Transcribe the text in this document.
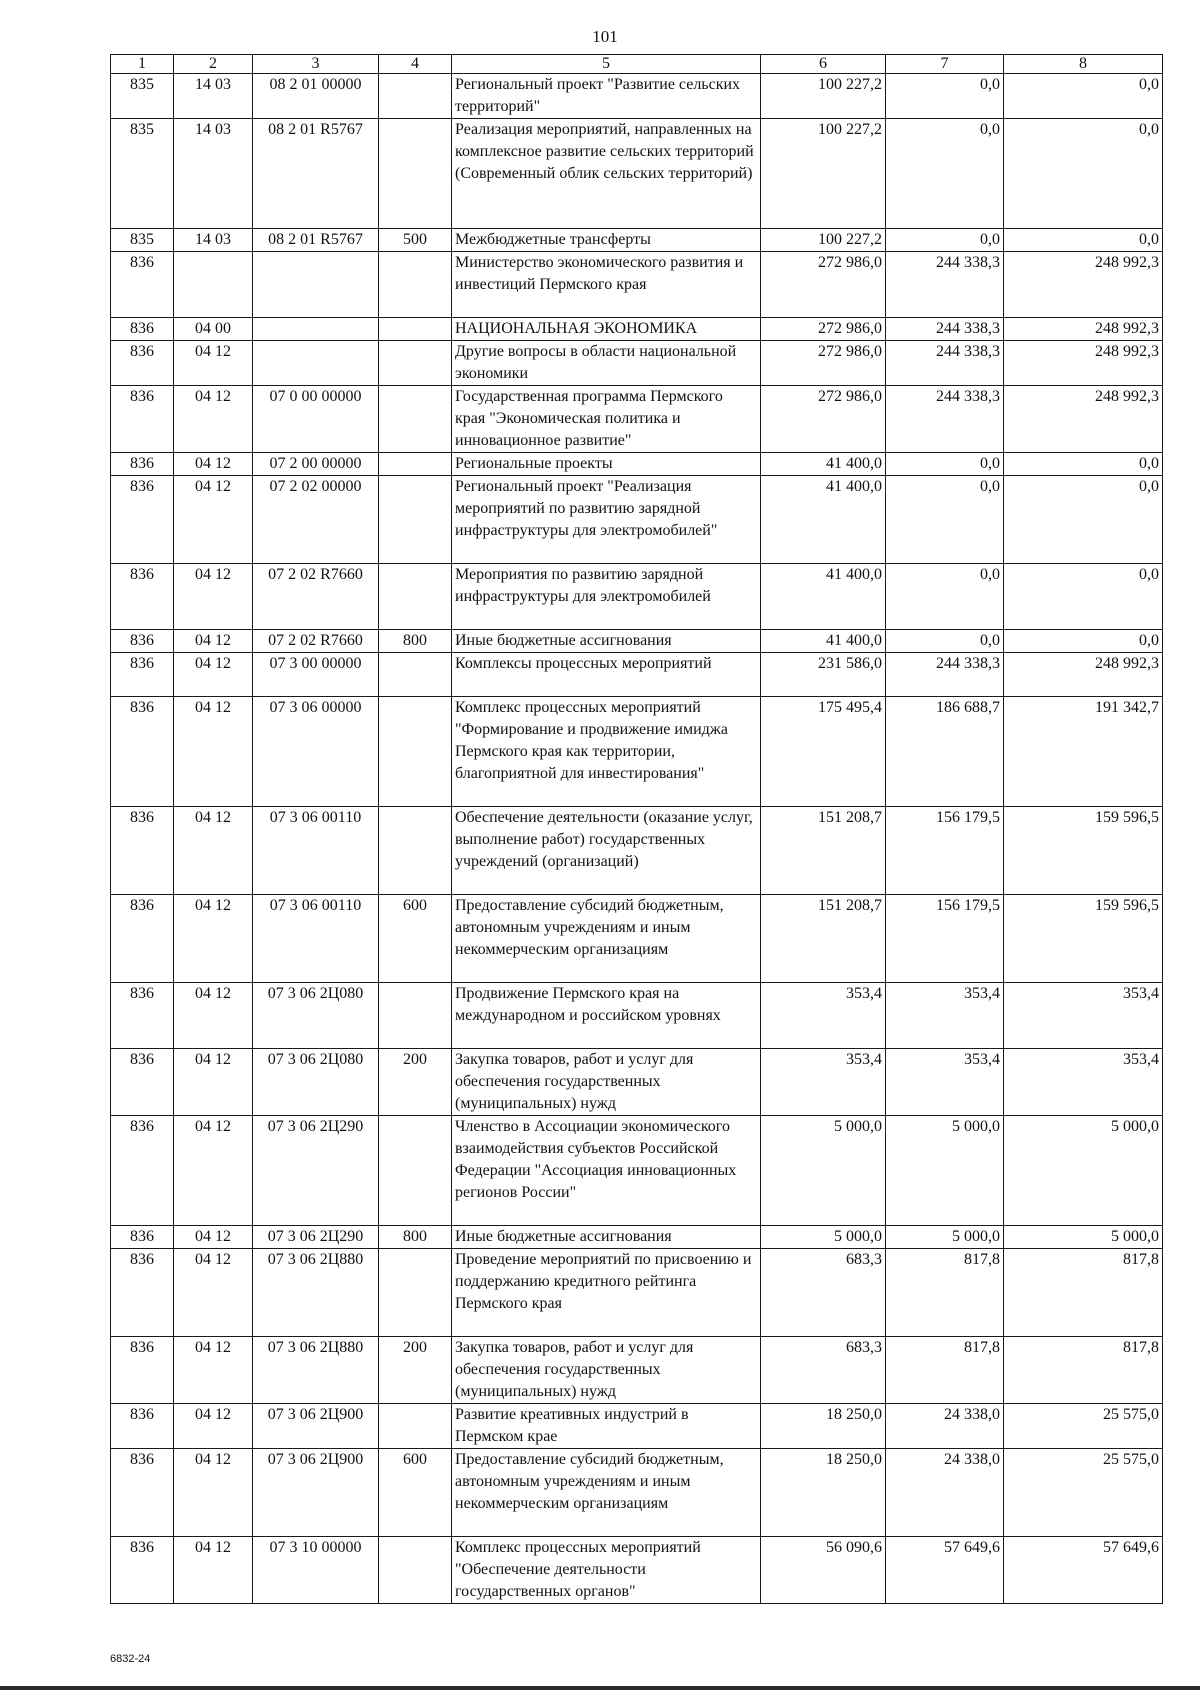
101
1	2	3	4	5	6	7	8
835	14 03	08 2 01 00000		Региональный проект "Развитие сельских территорий"	100 227,2	0,0	0,0
835	14 03	08 2 01 R5767		Реализация мероприятий, направленных на комплексное развитие сельских территорий (Современный облик сельских территорий)	100 227,2	0,0	0,0
835	14 03	08 2 01 R5767	500	Межбюджетные трансферты	100 227,2	0,0	0,0
836				Министерство экономического развития и инвестиций Пермского края	272 986,0	244 338,3	248 992,3
836	04 00			НАЦИОНАЛЬНАЯ ЭКОНОМИКА	272 986,0	244 338,3	248 992,3
836	04 12			Другие вопросы в области национальной экономики	272 986,0	244 338,3	248 992,3
836	04 12	07 0 00 00000		Государственная программа Пермского края "Экономическая политика и инновационное развитие"	272 986,0	244 338,3	248 992,3
836	04 12	07 2 00 00000		Региональные проекты	41 400,0	0,0	0,0
836	04 12	07 2 02 00000		Региональный проект "Реализация мероприятий по развитию зарядной инфраструктуры для электромобилей"	41 400,0	0,0	0,0
836	04 12	07 2 02 R7660		Мероприятия по развитию зарядной инфраструктуры для электромобилей	41 400,0	0,0	0,0
836	04 12	07 2 02 R7660	800	Иные бюджетные ассигнования	41 400,0	0,0	0,0
836	04 12	07 3 00 00000		Комплексы процессных мероприятий	231 586,0	244 338,3	248 992,3
836	04 12	07 3 06 00000		Комплекс процессных мероприятий "Формирование и продвижение имиджа Пермского края как территории, благоприятной для инвестирования"	175 495,4	186 688,7	191 342,7
836	04 12	07 3 06 00110		Обеспечение деятельности (оказание услуг, выполнение работ) государственных учреждений (организаций)	151 208,7	156 179,5	159 596,5
836	04 12	07 3 06 00110	600	Предоставление субсидий бюджетным, автономным учреждениям и иным некоммерческим организациям	151 208,7	156 179,5	159 596,5
836	04 12	07 3 06 2Ц080		Продвижение Пермского края на международном и российском уровнях	353,4	353,4	353,4
836	04 12	07 3 06 2Ц080	200	Закупка товаров, работ и услуг для обеспечения государственных (муниципальных) нужд	353,4	353,4	353,4
836	04 12	07 3 06 2Ц290		Членство в Ассоциации экономического взаимодействия субъектов Российской Федерации "Ассоциация инновационных регионов России"	5 000,0	5 000,0	5 000,0
836	04 12	07 3 06 2Ц290	800	Иные бюджетные ассигнования	5 000,0	5 000,0	5 000,0
836	04 12	07 3 06 2Ц880		Проведение мероприятий по присвоению и поддержанию кредитного рейтинга Пермского края	683,3	817,8	817,8
836	04 12	07 3 06 2Ц880	200	Закупка товаров, работ и услуг для обеспечения государственных (муниципальных) нужд	683,3	817,8	817,8
836	04 12	07 3 06 2Ц900		Развитие креативных индустрий в Пермском крае	18 250,0	24 338,0	25 575,0
836	04 12	07 3 06 2Ц900	600	Предоставление субсидий бюджетным, автономным учреждениям и иным некоммерческим организациям	18 250,0	24 338,0	25 575,0
836	04 12	07 3 10 00000		Комплекс процессных мероприятий "Обеспечение деятельности государственных органов"	56 090,6	57 649,6	57 649,6
6832-24
